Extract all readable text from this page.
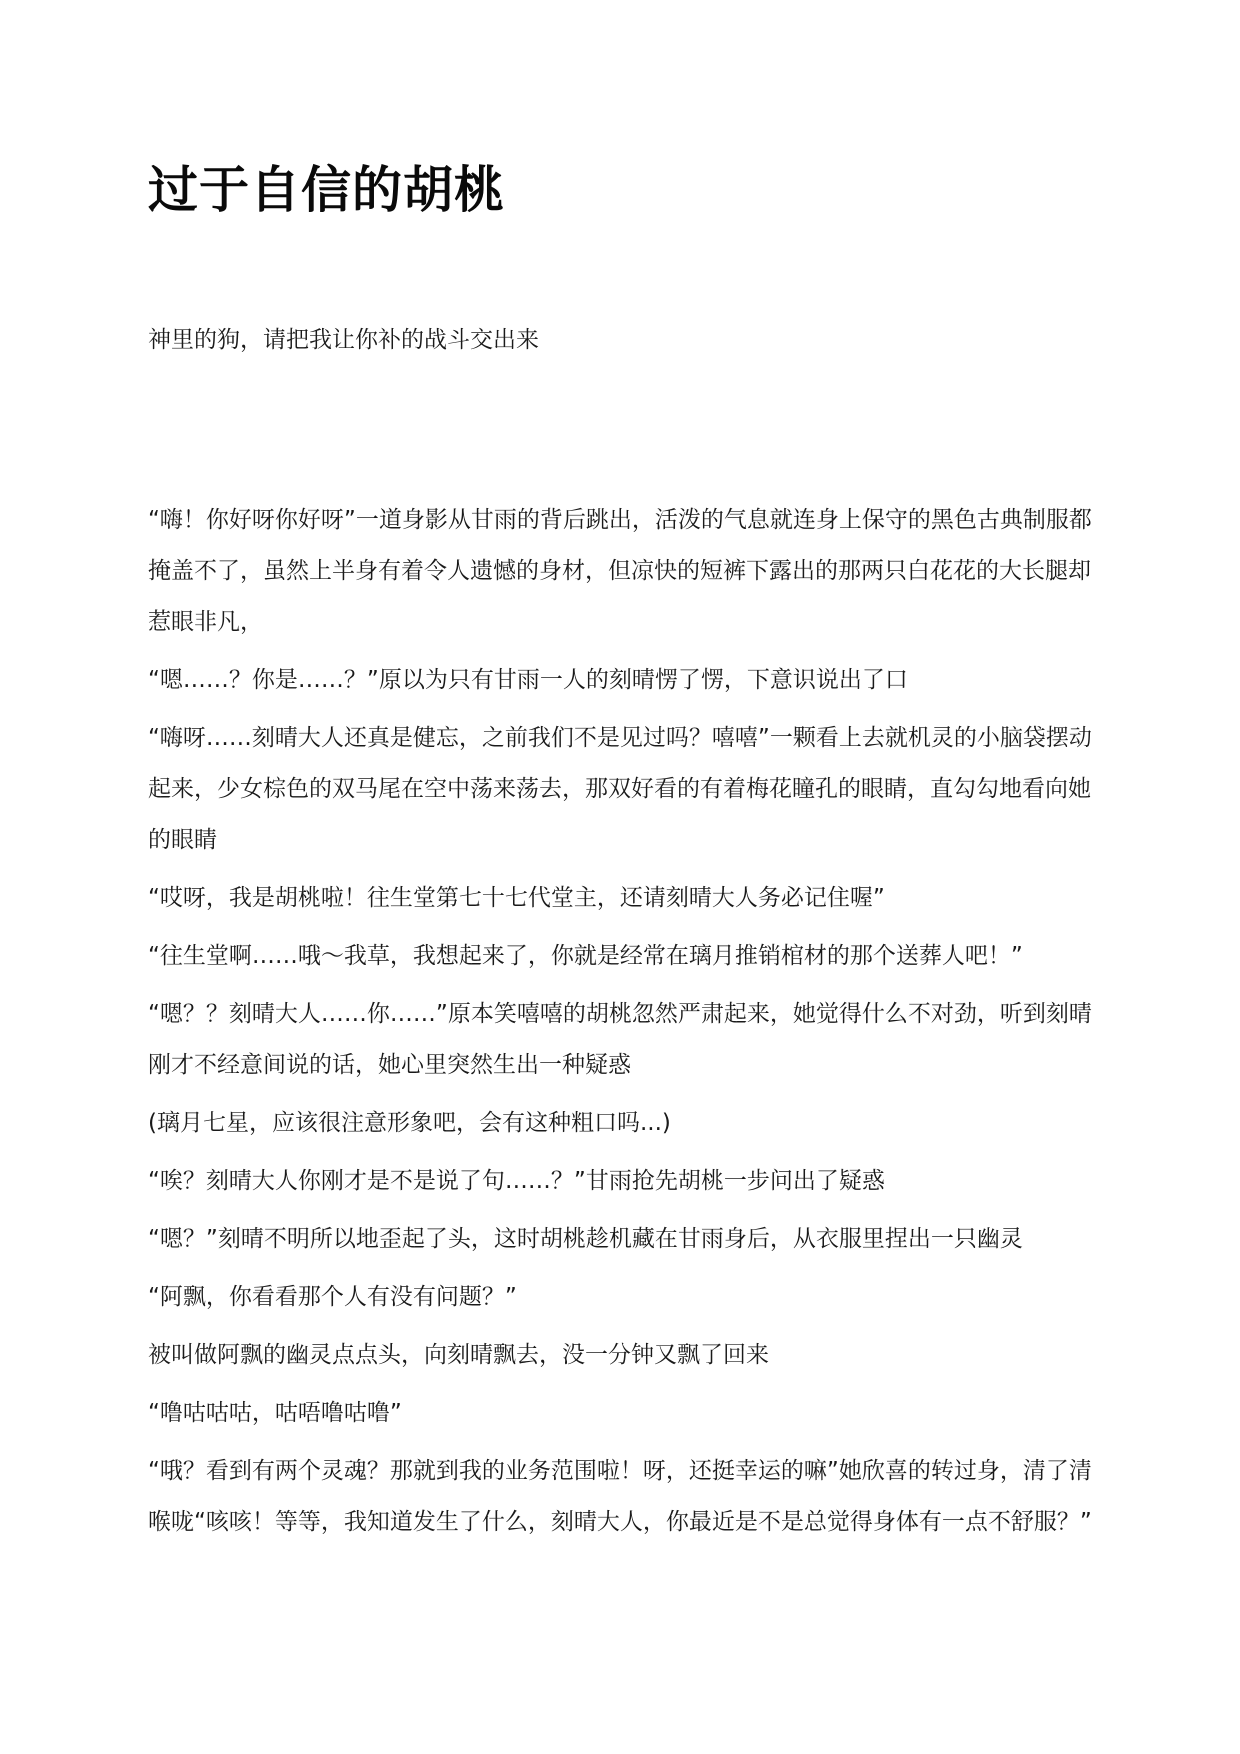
过于自信的胡桃
神里的狗，请把我让你补的战斗交出来

“嗨！你好呀你好呀”一道身影从甘雨的背后跳出，活泼的气息就连身上保守的黑色古典制服都掩盖不了，虽然上半身有着令人遗憾的身材，但凉快的短裤下露出的那两只白花花的大长腿却惹眼非凡，

“嗯……？你是……？”原以为只有甘雨一人的刻晴愣了愣，下意识说出了口

“嗨呀……刻晴大人还真是健忘，之前我们不是见过吗？嘻嘻”一颗看上去就机灵的小脑袋摆动起来，少女棕色的双马尾在空中荡来荡去，那双好看的有着梅花瞳孔的眼睛，直勾勾地看向她的眼睛

“哎呀，我是胡桃啦！往生堂第七十七代堂主，还请刻晴大人务必记住喔”

“往生堂啊……哦～我草，我想起来了，你就是经常在璃月推销棺材的那个送葬人吧！”

“嗯？？刻晴大人……你……”原本笑嘻嘻的胡桃忽然严肃起来，她觉得什么不对劲，听到刻晴刚才不经意间说的话，她心里突然生出一种疑惑

(璃月七星，应该很注意形象吧，会有这种粗口吗...)

“唉？刻晴大人你刚才是不是说了句……？”甘雨抢先胡桃一步问出了疑惑

“嗯？”刻晴不明所以地歪起了头，这时胡桃趁机藏在甘雨身后，从衣服里捏出一只幽灵

“阿飘，你看看那个人有没有问题？”

被叫做阿飘的幽灵点点头，向刻晴飘去，没一分钟又飘了回来

“噜咕咕咕，咕唔噜咕噜”

“哦？看到有两个灵魂？那就到我的业务范围啦！呀，还挺幸运的嘛”她欣喜的转过身，清了清喉咙“咳咳！等等，我知道发生了什么，刻晴大人，你最近是不是总觉得身体有一点不舒服？”
